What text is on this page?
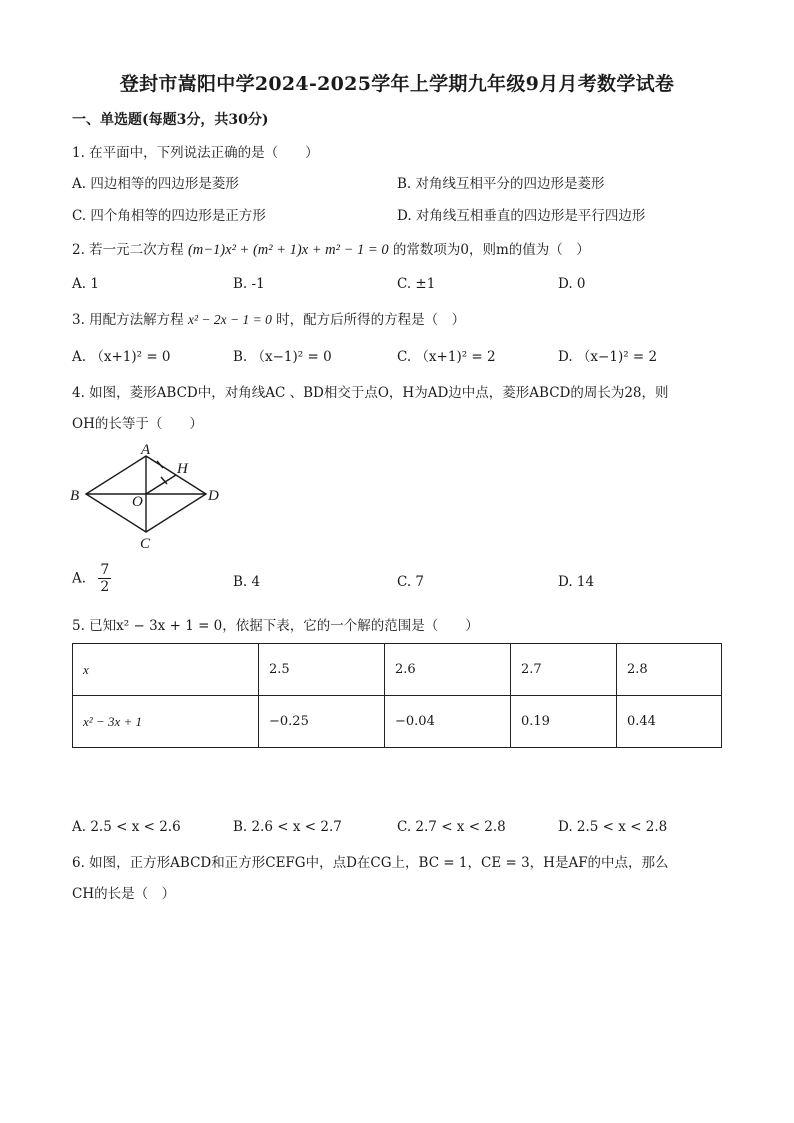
登封市嵩阳中学2024-2025学年上学期九年级9月月考数学试卷
一、单选题(每题3分，共30分)
1. 在平面中，下列说法正确的是（　　）
A. 四边相等的四边形是菱形	B. 对角线互相平分的四边形是菱形
C. 四个角相等的四边形是正方形	D. 对角线互相垂直的四边形是平行四边形
2. 若一元二次方程 (m−1)x² + (m² + 1)x + m² − 1 = 0 的常数项为0，则m的值为（　）
A. 1	B. -1	C. ±1	D. 0
3. 用配方法解方程 x² − 2x − 1 = 0 时，配方后所得的方程是（　）
A. （x+1)² = 0	B. （x−1)² = 0	C. （x+1)² = 2	D. （x−1)² = 2
4. 如图，菱形ABCD中，对角线AC 、BD相交于点O，H为AD边中点，菱形ABCD的周长为28，则
OH的长等于（　　）
A
B
C
D
O
H
A. $\frac{7}{2}$	B. 4	C. 7	D. 14
5. 已知x² − 3x + 1 = 0，依据下表，它的一个解的范围是（　　）
x	2.5	2.6	2.7	2.8
x² − 3x + 1	−0.25	−0.04	0.19	0.44
A. 2.5 < x < 2.6	B. 2.6 < x < 2.7	C. 2.7 < x < 2.8	D. 2.5 < x < 2.8
6. 如图，正方形ABCD和正方形CEFG中，点D在CG上，BC = 1，CE = 3，H是AF的中点，那么
CH的长是（　）
